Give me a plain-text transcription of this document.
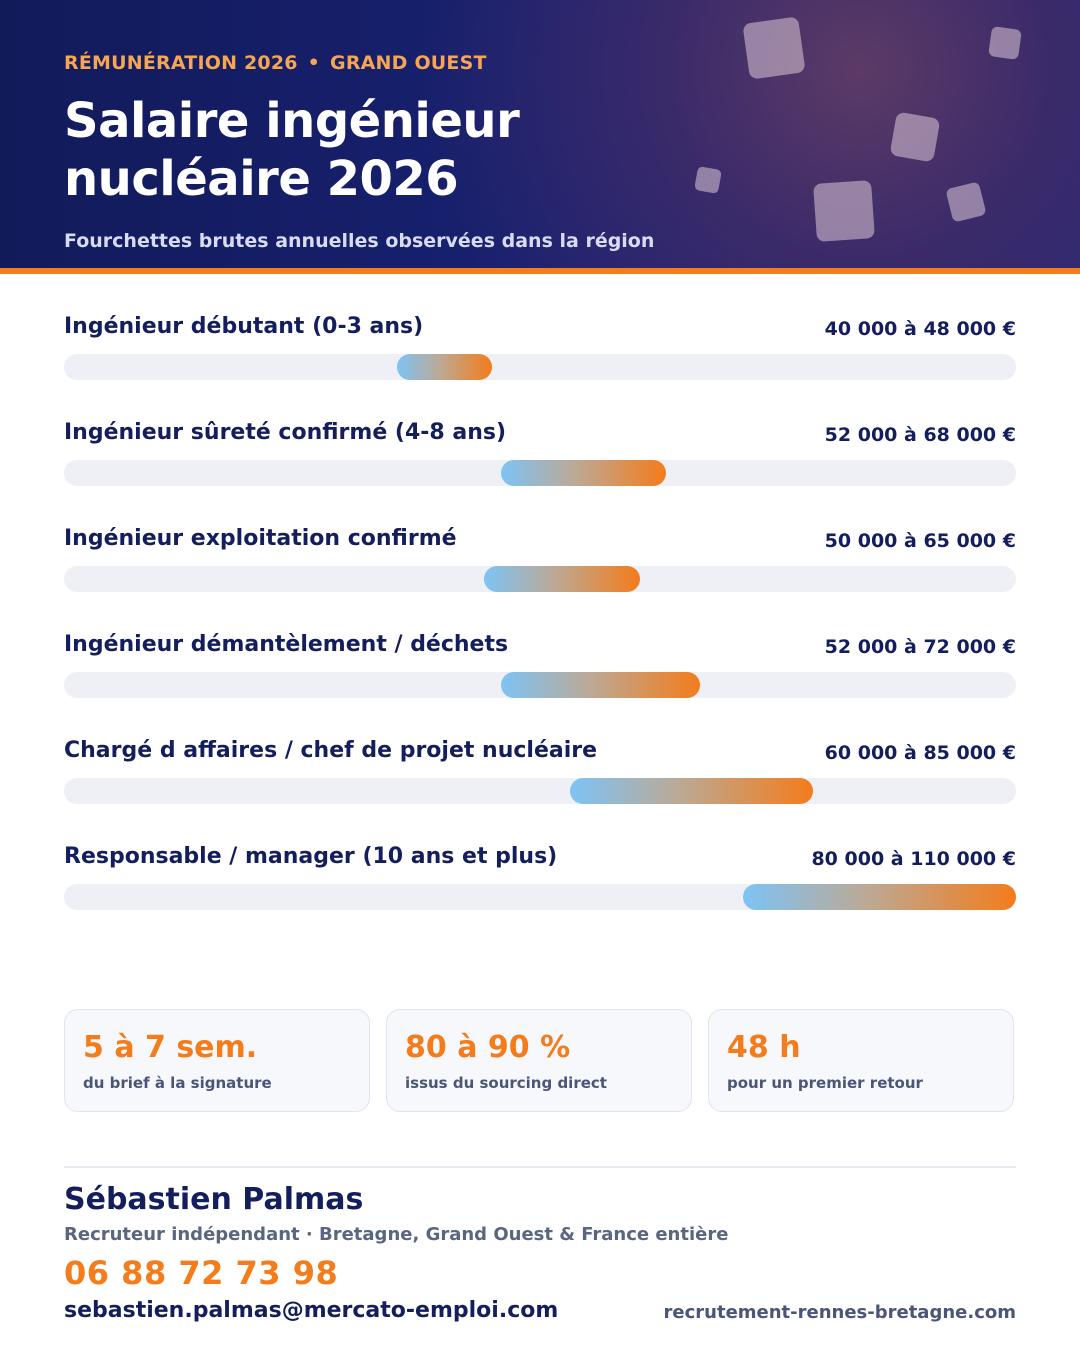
RÉMUNÉRATION 2026 • GRAND OUEST
Salaire ingénieur
nucléaire 2026
Fourchettes brutes annuelles observées dans la région
Ingénieur débutant (0-3 ans)	40 000 à 48 000 €
Ingénieur sûreté confirmé (4-8 ans)	52 000 à 68 000 €
Ingénieur exploitation confirmé	50 000 à 65 000 €
Ingénieur démantèlement / déchets	52 000 à 72 000 €
Chargé d affaires / chef de projet nucléaire	60 000 à 85 000 €
Responsable / manager (10 ans et plus)	80 000 à 110 000 €
5 à 7 sem.
du brief à la signature
80 à 90 %
issus du sourcing direct
48 h
pour un premier retour
Sébastien Palmas
Recruteur indépendant · Bretagne, Grand Ouest & France entière
06 88 72 73 98
sebastien.palmas@mercato-emploi.com	recrutement-rennes-bretagne.com
